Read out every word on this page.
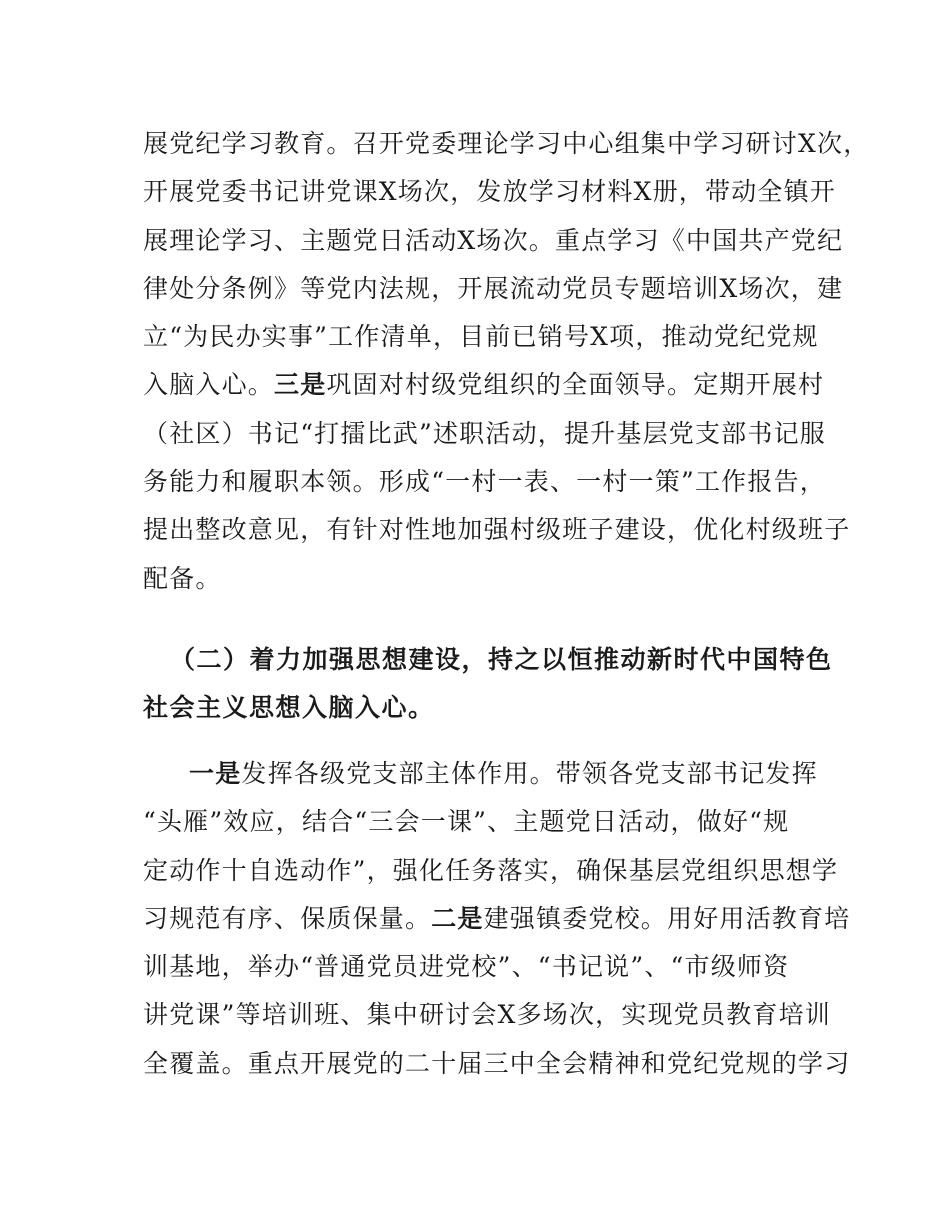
展党纪学习教育。召开党委理论学习中心组集中学习研讨X次，
开展党委书记讲党课X场次，发放学习材料X册，带动全镇开
展理论学习、主题党日活动X场次。重点学习《中国共产党纪
律处分条例》等党内法规，开展流动党员专题培训X场次，建
立“为民办实事”工作清单，目前已销号X项，推动党纪党规
入脑入心。三是巩固对村级党组织的全面领导。定期开展村
（社区）书记“打擂比武”述职活动，提升基层党支部书记服
务能力和履职本领。形成“一村一表、一村一策”工作报告，
提出整改意见，有针对性地加强村级班子建设，优化村级班子
配备。
（二）着力加强思想建设，持之以恒推动新时代中国特色
社会主义思想入脑入心。
一是发挥各级党支部主体作用。带领各党支部书记发挥
“头雁”效应，结合“三会一课”、主题党日活动，做好“规
定动作十自选动作”，强化任务落实，确保基层党组织思想学
习规范有序、保质保量。二是建强镇委党校。用好用活教育培
训基地，举办“普通党员进党校”、“书记说”、“市级师资
讲党课”等培训班、集中研讨会X多场次，实现党员教育培训
全覆盖。重点开展党的二十届三中全会精神和党纪党规的学习
